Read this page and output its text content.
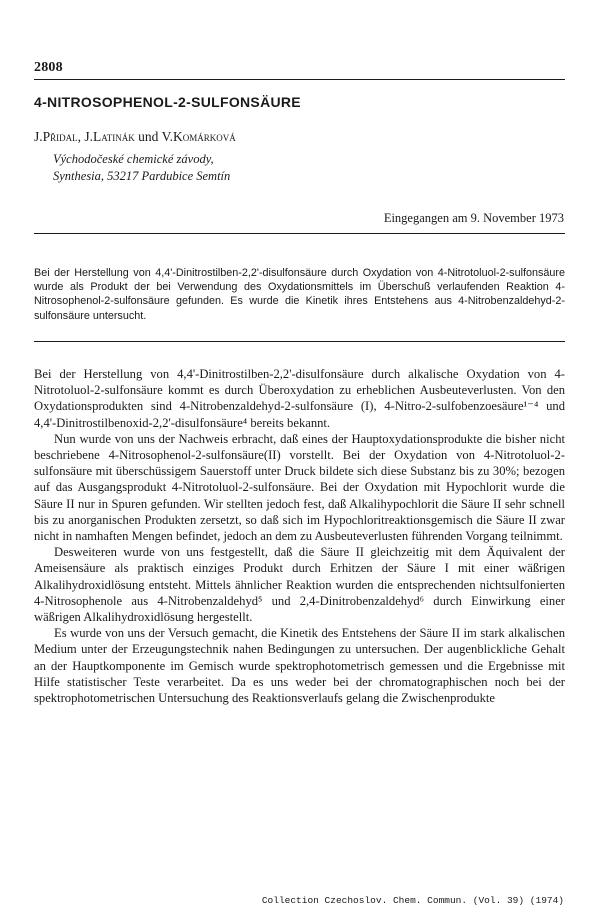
2808
4-NITROSOPHENOL-2-SULFONSÄURE
J.Přidal, J.Latinák und V.Komárková
Východočeské chemické závody,
Synthesia, 53217 Pardubice Semtín
Eingegangen am 9. November 1973
Bei der Herstellung von 4,4'-Dinitrostilben-2,2'-disulfonsäure durch Oxydation von 4-Nitrotoluol-2-sulfonsäure wurde als Produkt der bei Verwendung des Oxydationsmittels im Überschuß verlaufenden Reaktion 4-Nitrosophenol-2-sulfonsäure gefunden. Es wurde die Kinetik ihres Entstehens aus 4-Nitrobenzaldehyd-2-sulfonsäure untersucht.

Bei der Herstellung von 4,4'-Dinitrostilben-2,2'-disulfonsäure durch alkalische Oxydation von 4-Nitrotoluol-2-sulfonsäure kommt es durch Überoxydation zu erheblichen Ausbeuteverlusten. Von den Oxydationsprodukten sind 4-Nitrobenzaldehyd-2-sulfonsäure (I), 4-Nitro-2-sulfobenzoesäure¹⁻⁴ und 4,4'-Dinitrostilbenoxid-2,2'-disulfonsäure⁴ bereits bekannt.

Nun wurde von uns der Nachweis erbracht, daß eines der Hauptoxydationsprodukte die bisher nicht beschriebene 4-Nitrosophenol-2-sulfonsäure(II) vorstellt. Bei der Oxydation von 4-Nitrotoluol-2-sulfonsäure mit überschüssigem Sauerstoff unter Druck bildete sich diese Substanz bis zu 30%; bezogen auf das Ausgangsprodukt 4-Nitrotoluol-2-sulfonsäure. Bei der Oxydation mit Hypochlorit wurde die Säure II nur in Spuren gefunden. Wir stellten jedoch fest, daß Alkalihypochlorit die Säure II sehr schnell bis zu anorganischen Produkten zersetzt, so daß sich im Hypochloritreaktionsgemisch die Säure II zwar nicht in namhaften Mengen befindet, jedoch an dem zu Ausbeuteverlusten führenden Vorgang teilnimmt.

Desweiteren wurde von uns festgestellt, daß die Säure II gleichzeitig mit dem Äquivalent der Ameisensäure als praktisch einziges Produkt durch Erhitzen der Säure I mit einer wäßrigen Alkalihydroxidlösung entsteht. Mittels ähnlicher Reaktion wurden die entsprechenden nichtsulfonierten 4-Nitrosophenole aus 4-Nitrobenzaldehyd⁵ und 2,4-Dinitrobenzaldehyd⁶ durch Einwirkung einer wäßrigen Alkalihydroxidlösung hergestellt.

Es wurde von uns der Versuch gemacht, die Kinetik des Entstehens der Säure II im stark alkalischen Medium unter der Erzeugungstechnik nahen Bedingungen zu untersuchen. Der augenblickliche Gehalt an der Hauptkomponente im Gemisch wurde spektrophotometrisch gemessen und die Ergebnisse mit Hilfe statistischer Teste verarbeitet. Da es uns weder bei der chromatographischen noch bei der spektrophotometrischen Untersuchung des Reaktionsverlaufs gelang die Zwischenprodukte

Collection Czechoslov. Chem. Commun. (Vol. 39) (1974)
